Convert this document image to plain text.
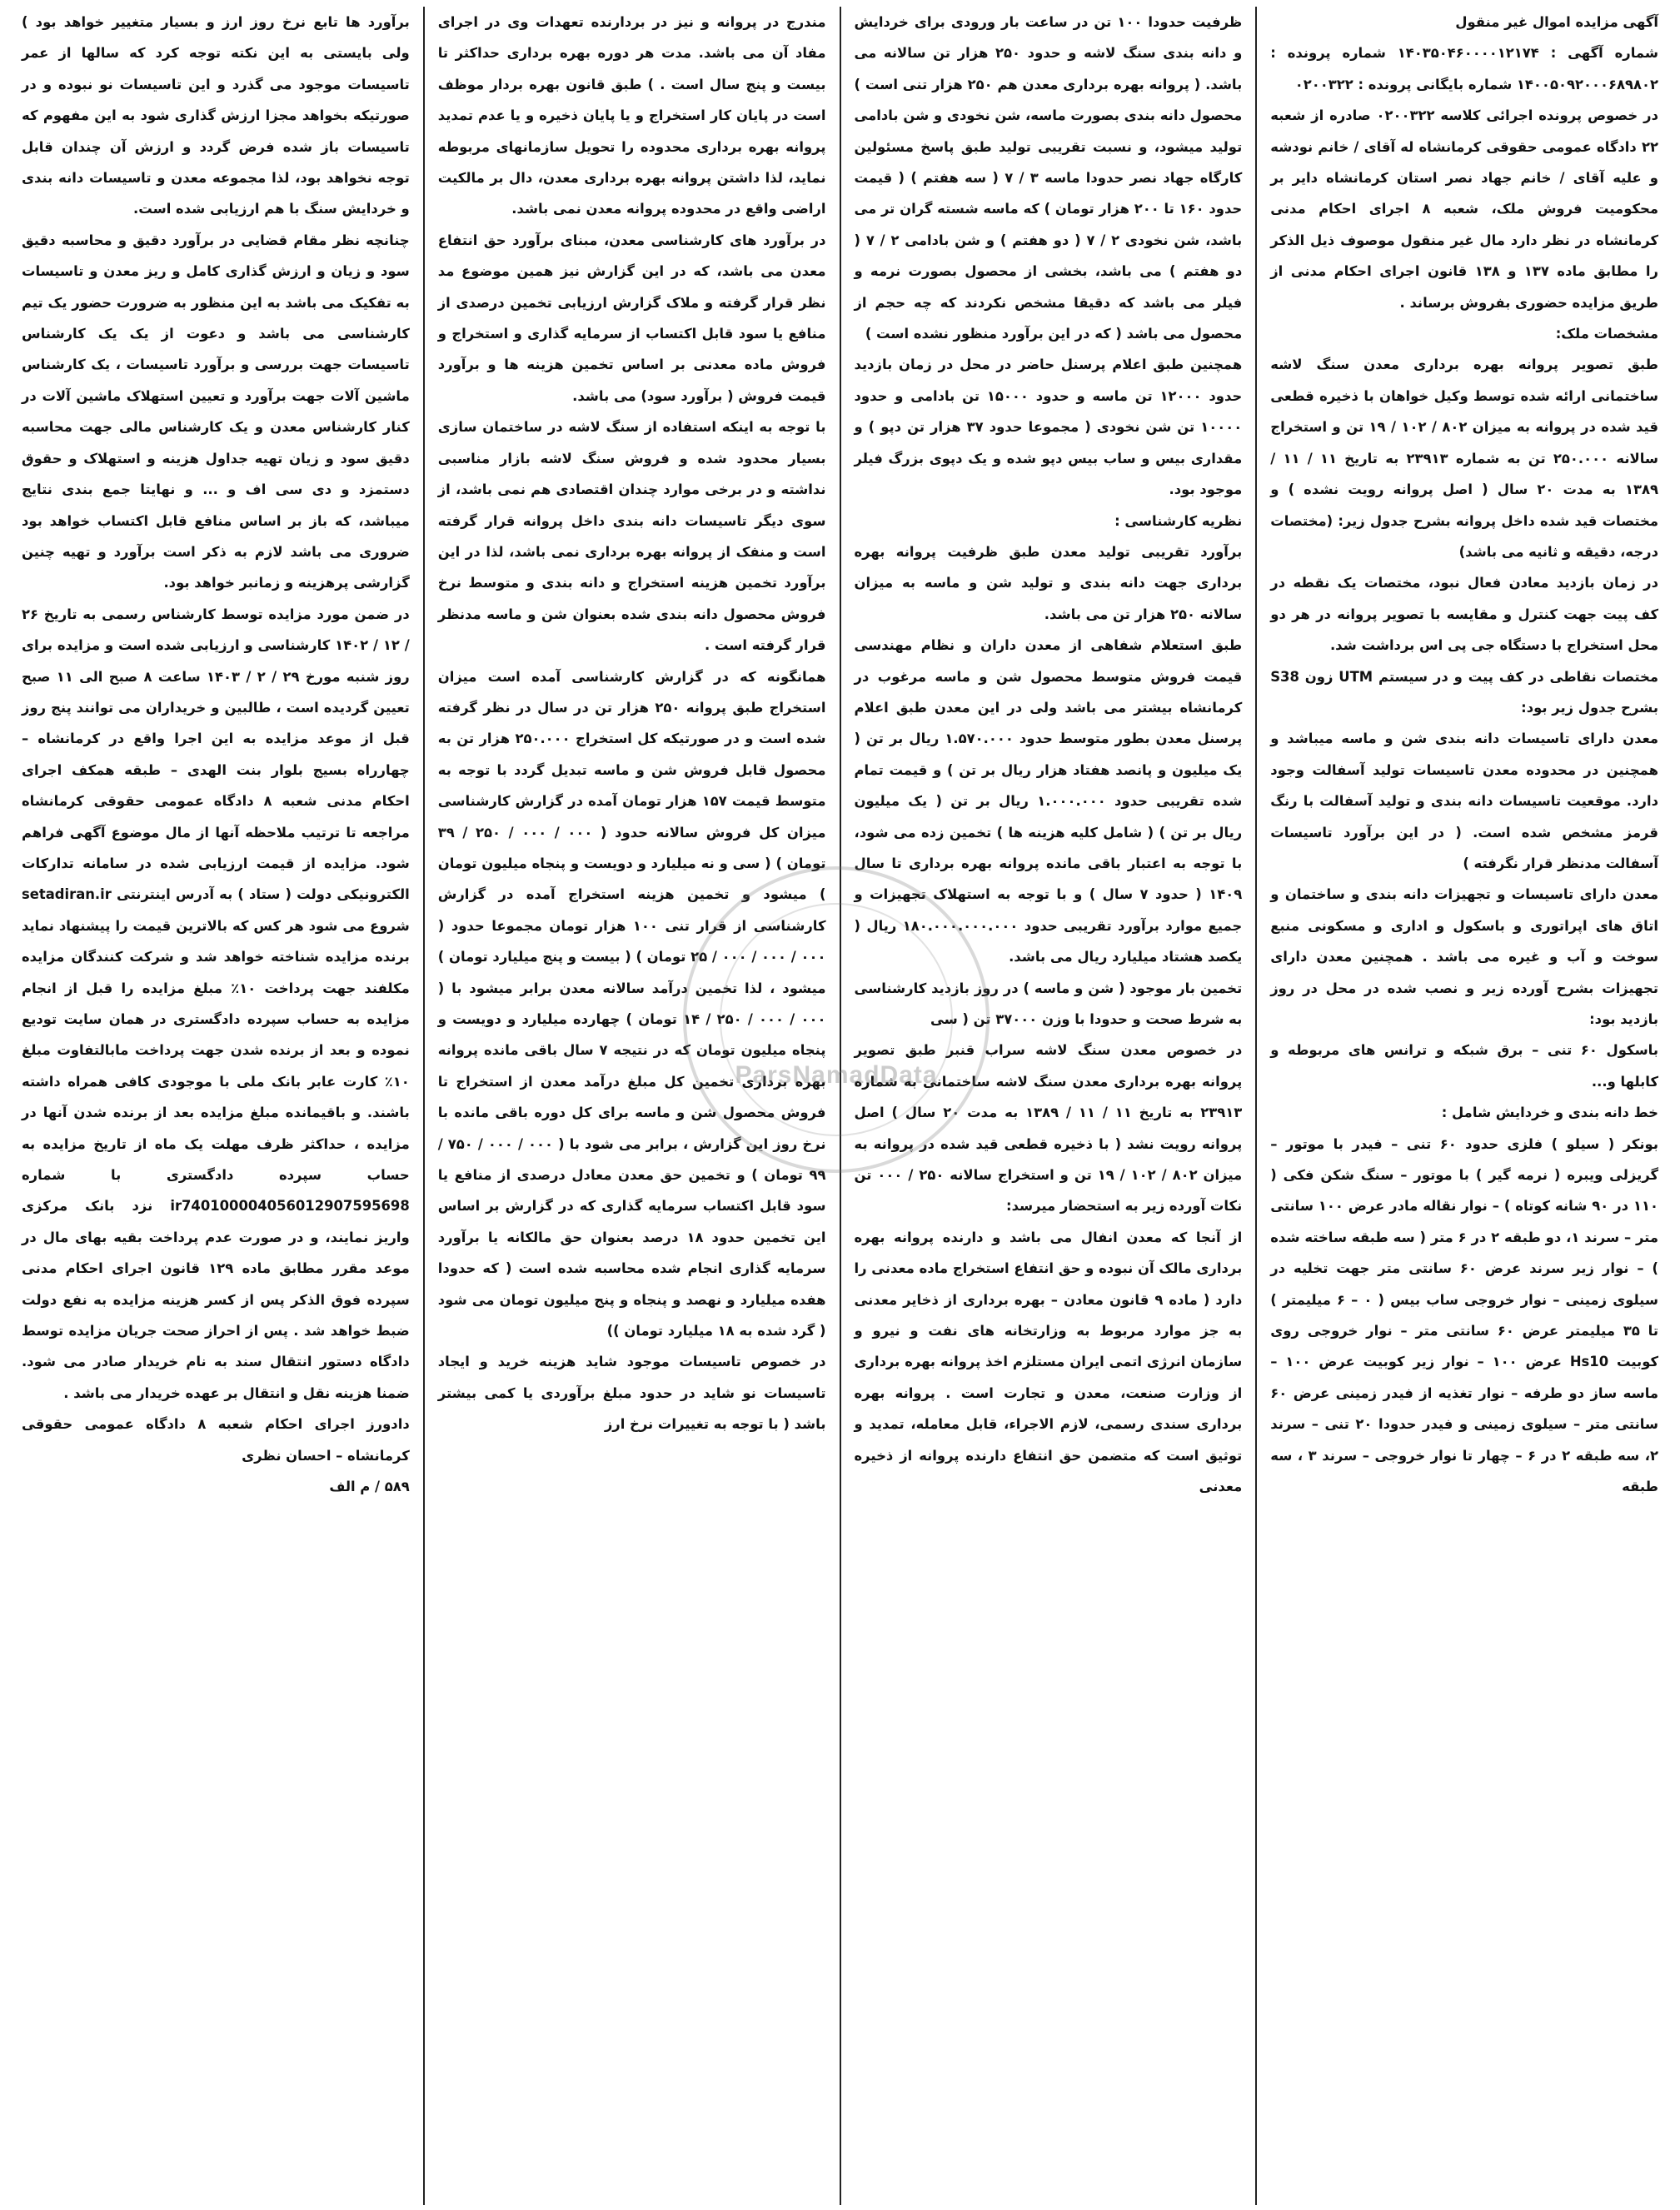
آگهی مزایده اموال غیر منقول

شماره آگهی : ۱۴۰۳۵۰۴۶۰۰۰۰۱۲۱۷۴ شماره پرونده : ۱۴۰۰۵۰۹۲۰۰۰۶۸۹۸۰۲ شماره بایگانی پرونده : ۰۲۰۰۳۲۲

در خصوص پرونده اجرائی کلاسه ۰۲۰۰۳۲۲ صادره از شعبه ۲۲ دادگاه عمومی حقوقی کرمانشاه له آقای / خانم نودشه و علیه آقای / خانم جهاد نصر استان کرمانشاه دایر بر محکومیت فروش ملک، شعبه ۸ اجرای احکام مدنی کرمانشاه در نظر دارد مال غیر منقول موصوف ذیل الذکر را مطابق ماده ۱۳۷ و ۱۳۸ قانون اجرای احکام مدنی از طریق مزایده حضوری بفروش برساند .

مشخصات ملک:

طبق تصویر پروانه بهره برداری معدن سنگ لاشه ساختمانی ارائه شده توسط وکیل خواهان با ذخیره قطعی قید شده در پروانه به میزان ۸۰۲ / ۱۰۲ / ۱۹ تن و استخراج سالانه ۲۵۰.۰۰۰ تن به شماره ۲۳۹۱۳ به تاریخ ۱۱ / ۱۱ / ۱۳۸۹ به مدت ۲۰ سال ( اصل پروانه رویت نشده ) و مختصات قید شده داخل پروانه بشرح جدول زیر: (مختصات درجه، دقیقه و ثانیه می باشد)

در زمان بازدید معادن فعال نبود، مختصات یک نقطه در کف پیت جهت کنترل و مقایسه با تصویر پروانه در هر دو محل استخراج با دستگاه جی پی اس برداشت شد.

مختصات نقاطی در کف پیت و در سیستم UTM زون S38 بشرح جدول زیر بود:

معدن دارای تاسیسات دانه بندی شن و ماسه میباشد و همچنین در محدوده معدن تاسیسات تولید آسفالت وجود دارد. موقعیت تاسیسات دانه بندی و تولید آسفالت با رنگ قرمز مشخص شده است. ( در این برآورد تاسیسات آسفالت مدنظر قرار نگرفته )

معدن دارای تاسیسات و تجهیزات دانه بندی و ساختمان و اتاق های اپراتوری و باسکول و اداری و مسکونی منبع سوخت و آب و غیره می باشد . همچنین معدن دارای تجهیزات بشرح آورده زیر و نصب شده در محل در روز بازدید بود:

باسکول ۶۰ تنی – برق شبکه و ترانس های مربوطه و کابلها و...

خط دانه بندی و خردایش شامل :

بونکر ( سیلو ) فلزی حدود ۶۰ تنی – فیدر با موتور – گریزلی ویبره ( نرمه گیر ) با موتور – سنگ شکن فکی ( ۱۱۰ در ۹۰ شانه کوتاه ) – نوار نقاله مادر عرض ۱۰۰ سانتی متر – سرند ۱، دو طبقه ۲ در ۶ متر ( سه طبقه ساخته شده ) – نوار زیر سرند عرض ۶۰ سانتی متر جهت تخلیه در سیلوی زمینی – نوار خروجی ساب بیس ( ۰ – ۶ میلیمتر ) تا ۳۵ میلیمتر عرض ۶۰ سانتی متر – نوار خروجی روی کوبیت Hs10 عرض ۱۰۰ – نوار زیر کوبیت عرض ۱۰۰ – ماسه ساز دو طرفه – نوار تغذیه از فیدر زمینی عرض ۶۰ سانتی متر – سیلوی زمینی و فیدر حدودا ۲۰ تنی – سرند ۲، سه طبقه ۲ در ۶ – چهار تا نوار خروجی – سرند ۳ ، سه طبقه

ظرفیت حدودا ۱۰۰ تن در ساعت بار ورودی برای خردایش و دانه بندی سنگ لاشه و حدود ۲۵۰ هزار تن سالانه می باشد. ( پروانه بهره برداری معدن هم ۲۵۰ هزار تنی است ) محصول دانه بندی بصورت ماسه، شن نخودی و شن بادامی تولید میشود، و نسبت تقریبی تولید طبق پاسخ مسئولین کارگاه جهاد نصر حدودا ماسه ۳ / ۷ ( سه هفتم ) ( قیمت حدود ۱۶۰ تا ۲۰۰ هزار تومان ) که ماسه شسته گران تر می باشد، شن نخودی ۲ / ۷ ( دو هفتم ) و شن بادامی ۲ / ۷ ( دو هفتم ) می باشد، بخشی از محصول بصورت نرمه و فیلر می باشد که دقیقا مشخص نکردند که چه حجم از محصول می باشد ( که در این برآورد منظور نشده است )

همچنین طبق اعلام پرسنل حاضر در محل در زمان بازدید حدود ۱۲۰۰۰ تن ماسه و حدود ۱۵۰۰۰ تن بادامی و حدود ۱۰۰۰۰ تن شن نخودی ( مجموعا حدود ۳۷ هزار تن دپو ) و مقداری بیس و ساب بیس دپو شده و یک دپوی بزرگ فیلر موجود بود.

نظریه کارشناسی :

برآورد تقریبی تولید معدن طبق ظرفیت پروانه بهره برداری جهت دانه بندی و تولید شن و ماسه به میزان سالانه ۲۵۰ هزار تن می باشد.

طبق استعلام شفاهی از معدن داران و نظام مهندسی قیمت فروش متوسط محصول شن و ماسه مرغوب در کرمانشاه بیشتر می باشد ولی در این معدن طبق اعلام پرسنل معدن بطور متوسط حدود ۱.۵۷۰.۰۰۰ ریال بر تن ( یک میلیون و پانصد هفتاد هزار ریال بر تن ) و قیمت تمام شده تقریبی حدود ۱.۰۰۰.۰۰۰ ریال بر تن ( یک میلیون ریال بر تن ) ( شامل کلیه هزینه ها ) تخمین زده می شود، با توجه به اعتبار باقی مانده پروانه بهره برداری تا سال ۱۴۰۹ ( حدود ۷ سال ) و با توجه به استهلاک تجهیزات و جمیع موارد برآورد تقریبی حدود ۱۸۰.۰۰۰.۰۰۰.۰۰۰ ریال ( یکصد هشتاد میلیارد ریال می باشد.

تخمین بار موجود ( شن و ماسه ) در روز بازدید کارشناسی به شرط صحت و حدودا با وزن ۳۷۰۰۰ تن ( سی

در خصوص معدن سنگ لاشه سراب قنبر طبق تصویر پروانه بهره برداری معدن سنگ لاشه ساختمانی به شماره ۲۳۹۱۳ به تاریخ ۱۱ / ۱۱ / ۱۳۸۹ به مدت ۲۰ سال ) اصل پروانه رویت نشد ( با ذخیره قطعی قید شده در پروانه به میزان ۸۰۲ / ۱۰۲ / ۱۹ تن و استخراج سالانه ۲۵۰ / ۰۰۰ تن نکات آورده زیر به استحضار میرسد:

از آنجا که معدن انفال می باشد و دارنده پروانه بهره برداری مالک آن نبوده و حق انتفاع استخراج ماده معدنی را دارد ( ماده ۹ قانون معادن – بهره برداری از ذخایر معدنی به جز موارد مربوط به وزارتخانه های نفت و نیرو و سازمان انرژی اتمی ایران مستلزم اخذ پروانه بهره برداری از وزارت صنعت، معدن و تجارت است . پروانه بهره برداری سندی رسمی، لازم الاجراء، قابل معامله، تمدید و توثیق است که متضمن حق انتفاع دارنده پروانه از ذخیره معدنی

مندرج در پروانه و نیز در بردارنده تعهدات وی در اجرای مفاد آن می باشد. مدت هر دوره بهره برداری حداکثر تا بیست و پنج سال است . ) طبق قانون بهره بردار موظف است در پایان کار استخراج و یا پایان ذخیره و یا عدم تمدید پروانه بهره برداری محدوده را تحویل سازمانهای مربوطه نماید، لذا داشتن پروانه بهره برداری معدن، دال بر مالکیت اراضی واقع در محدوده پروانه معدن نمی باشد.

در برآورد های کارشناسی معدن، مبنای برآورد حق انتفاع معدن می باشد، که در این گزارش نیز همین موضوع مد نظر قرار گرفته و ملاک گزارش ارزیابی تخمین درصدی از منافع یا سود قابل اکتساب از سرمایه گذاری و استخراج و فروش ماده معدنی بر اساس تخمین هزینه ها و برآورد قیمت فروش ( برآورد سود) می باشد.

با توجه به اینکه استفاده از سنگ لاشه در ساختمان سازی بسیار محدود شده و فروش سنگ لاشه بازار مناسبی نداشته و در برخی موارد چندان اقتصادی هم نمی باشد، از سوی دیگر تاسیسات دانه بندی داخل پروانه قرار گرفته است و منفک از پروانه بهره برداری نمی باشد، لذا در این برآورد تخمین هزینه استخراج و دانه بندی و متوسط نرخ فروش محصول دانه بندی شده بعنوان شن و ماسه مدنظر قرار گرفته است .

همانگونه که در گزارش کارشناسی آمده است میزان استخراج طبق پروانه ۲۵۰ هزار تن در سال در نظر گرفته شده است و در صورتیکه کل استخراج ۲۵۰.۰۰۰ هزار تن به محصول قابل فروش شن و ماسه تبدیل گردد با توجه به متوسط قیمت ۱۵۷ هزار تومان آمده در گزارش کارشناسی میزان کل فروش سالانه حدود ( ۰۰۰ / ۰۰۰ / ۲۵۰ / ۳۹ تومان ) ( سی و نه میلیارد و دویست و پنجاه میلیون تومان ) میشود و تخمین هزینه استخراج آمده در گزارش کارشناسی از قرار تنی ۱۰۰ هزار تومان مجموعا حدود ( ۰۰۰ / ۰۰۰ / ۰۰۰ / ۲۵ تومان ) ( بیست و پنج میلیارد تومان ) میشود ، لذا تخمین درآمد سالانه معدن برابر میشود با ( ۰۰۰ / ۰۰۰ / ۲۵۰ / ۱۴ تومان ) چهارده میلیارد و دویست و پنجاه میلیون تومان که در نتیجه ۷ سال باقی مانده پروانه بهره برداری تخمین کل مبلغ درآمد معدن از استخراج تا فروش محصول شن و ماسه برای کل دوره باقی مانده با نرخ روز این گزارش ، برابر می شود با ( ۰۰۰ / ۰۰۰ / ۷۵۰ / ۹۹ تومان ) و تخمین حق معدن معادل درصدی از منافع یا سود قابل اکتساب سرمایه گذاری که در گزارش بر اساس این تخمین حدود ۱۸ درصد بعنوان حق مالکانه یا برآورد سرمایه گذاری انجام شده محاسبه شده است ( که حدودا هفده میلیارد و نهصد و پنجاه و پنج میلیون تومان می شود ( گرد شده به ۱۸ میلیارد تومان ))

در خصوص تاسیسات موجود شاید هزینه خرید و ایجاد تاسیسات نو شاید در حدود مبلغ برآوردی یا کمی بیشتر باشد ( با توجه به تغییرات نرخ ارز

برآورد ها تابع نرخ روز ارز و بسیار متغییر خواهد بود ) ولی بایستی به این نکته توجه کرد که سالها از عمر تاسیسات موجود می گذرد و این تاسیسات نو نبوده و در صورتیکه بخواهد مجزا ارزش گذاری شود به این مفهوم که تاسیسات باز شده فرض گردد و ارزش آن چندان قابل توجه نخواهد بود، لذا مجموعه معدن و تاسیسات دانه بندی و خردایش سنگ با هم ارزیابی شده است.

چنانچه نظر مقام قضایی در برآورد دقیق و محاسبه دقیق سود و زیان و ارزش گذاری کامل و ریز معدن و تاسیسات به تفکیک می باشد به این منظور به ضرورت حضور یک تیم کارشناسی می باشد و دعوت از یک یک کارشناس تاسیسات جهت بررسی و برآورد تاسیسات ، یک کارشناس ماشین آلات جهت برآورد و تعیین استهلاک ماشین آلات در کنار کارشناس معدن و یک کارشناس مالی جهت محاسبه دقیق سود و زیان تهیه جداول هزینه و استهلاک و حقوق دستمزد و دی سی اف و ... و نهایتا جمع بندی نتایج میباشد، که باز بر اساس منافع قابل اکتساب خواهد بود ضروری می باشد لازم به ذکر است برآورد و تهیه چنین گزارشی پرهزینه و زمانبر خواهد بود.

در ضمن مورد مزایده توسط کارشناس رسمی به تاریخ ۲۶ / ۱۲ / ۱۴۰۲ کارشناسی و ارزیابی شده است و مزایده برای روز شنبه مورخ ۲۹ / ۲ / ۱۴۰۳ ساعت ۸ صبح الی ۱۱ صبح تعیین گردیده است ، طالبین و خریداران می توانند پنج روز قبل از موعد مزایده به این اجرا واقع در کرمانشاه – چهارراه بسیج بلوار بنت الهدی – طبقه همکف اجرای احکام مدنی شعبه ۸ دادگاه عمومی حقوقی کرمانشاه مراجعه تا ترتیب ملاحظه آنها از مال موضوع آگهی فراهم شود. مزایده از قیمت ارزیابی شده در سامانه تدارکات الکترونیکی دولت ( ستاد ) به آدرس اینترنتی setadiran.ir شروع می شود هر کس که بالاترین قیمت را پیشنهاد نماید برنده مزایده شناخته خواهد شد و شرکت کنندگان مزایده مکلفند جهت پرداخت ۱۰٪ مبلغ مزایده را قبل از انجام مزایده به حساب سپرده دادگستری در همان سایت تودیع نموده و بعد از برنده شدن جهت پرداخت مابالتفاوت مبلغ ۱۰٪ کارت عابر بانک ملی با موجودی کافی همراه داشته باشند. و باقیمانده مبلغ مزایده بعد از برنده شدن آنها در مزایده ، حداکثر ظرف مهلت یک ماه از تاریخ مزایده به حساب سپرده دادگستری با شماره ir740100004056012907595698 نزد بانک مرکزی واریز نمایند، و در صورت عدم پرداخت بقیه بهای مال در موعد مقرر مطابق ماده ۱۲۹ قانون اجرای احکام مدنی سپرده فوق الذکر پس از کسر هزینه مزایده به نفع دولت ضبط خواهد شد . پس از احراز صحت جریان مزایده توسط دادگاه دستور انتقال سند به نام خریدار صادر می شود. ضمنا هزینه نقل و انتقال بر عهده خریدار می باشد .

دادورز اجرای احکام شعبه ۸ دادگاه عمومی حقوقی کرمانشاه – احسان نظری

۵۸۹ / م الف

ParsNamadData
